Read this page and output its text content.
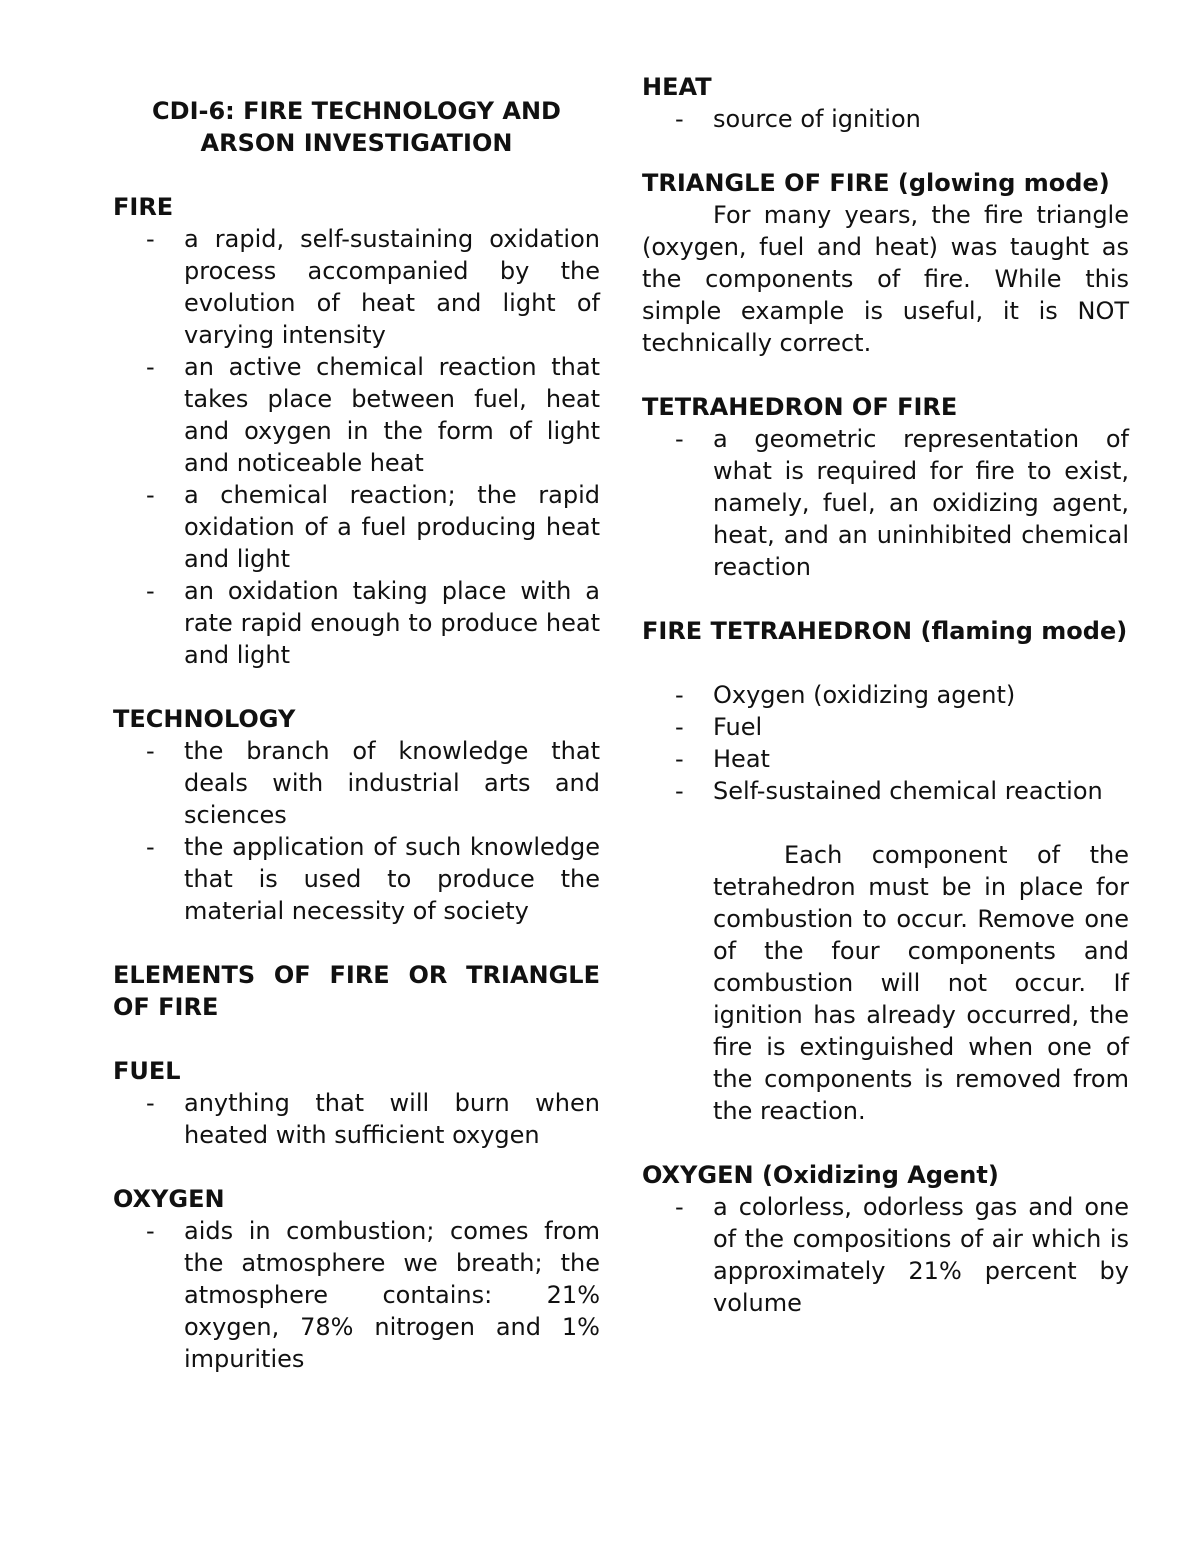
CDI-6: FIRE TECHNOLOGY AND ARSON INVESTIGATION

FIRE

- a rapid, self-sustaining oxidation process accompanied by the evolution of heat and light of varying intensity
- an active chemical reaction that takes place between fuel, heat and oxygen in the form of light and noticeable heat
- a chemical reaction; the rapid oxidation of a fuel producing heat and light
- an oxidation taking place with a rate rapid enough to produce heat and light

TECHNOLOGY

- the branch of knowledge that deals with industrial arts and sciences
- the application of such knowledge that is used to produce the material necessity of society

ELEMENTS OF FIRE OR TRIANGLE OF FIRE

FUEL

- anything that will burn when heated with sufficient oxygen

OXYGEN

- aids in combustion; comes from the atmosphere we breath; the atmosphere contains: 21% oxygen, 78% nitrogen and 1% impurities

HEAT

- source of ignition

TRIANGLE OF FIRE (glowing mode)

For many years, the fire triangle (oxygen, fuel and heat) was taught as the components of fire. While this simple example is useful, it is NOT technically correct.

TETRAHEDRON OF FIRE

- a geometric representation of what is required for fire to exist, namely, fuel, an oxidizing agent, heat, and an uninhibited chemical reaction

FIRE TETRAHEDRON (flaming mode)

- Oxygen (oxidizing agent)
- Fuel
- Heat
- Self-sustained chemical reaction

Each component of the tetrahedron must be in place for combustion to occur. Remove one of the four components and combustion will not occur. If ignition has already occurred, the fire is extinguished when one of the components is removed from the reaction.

OXYGEN (Oxidizing Agent)

- a colorless, odorless gas and one of the compositions of air which is approximately 21% percent by volume
